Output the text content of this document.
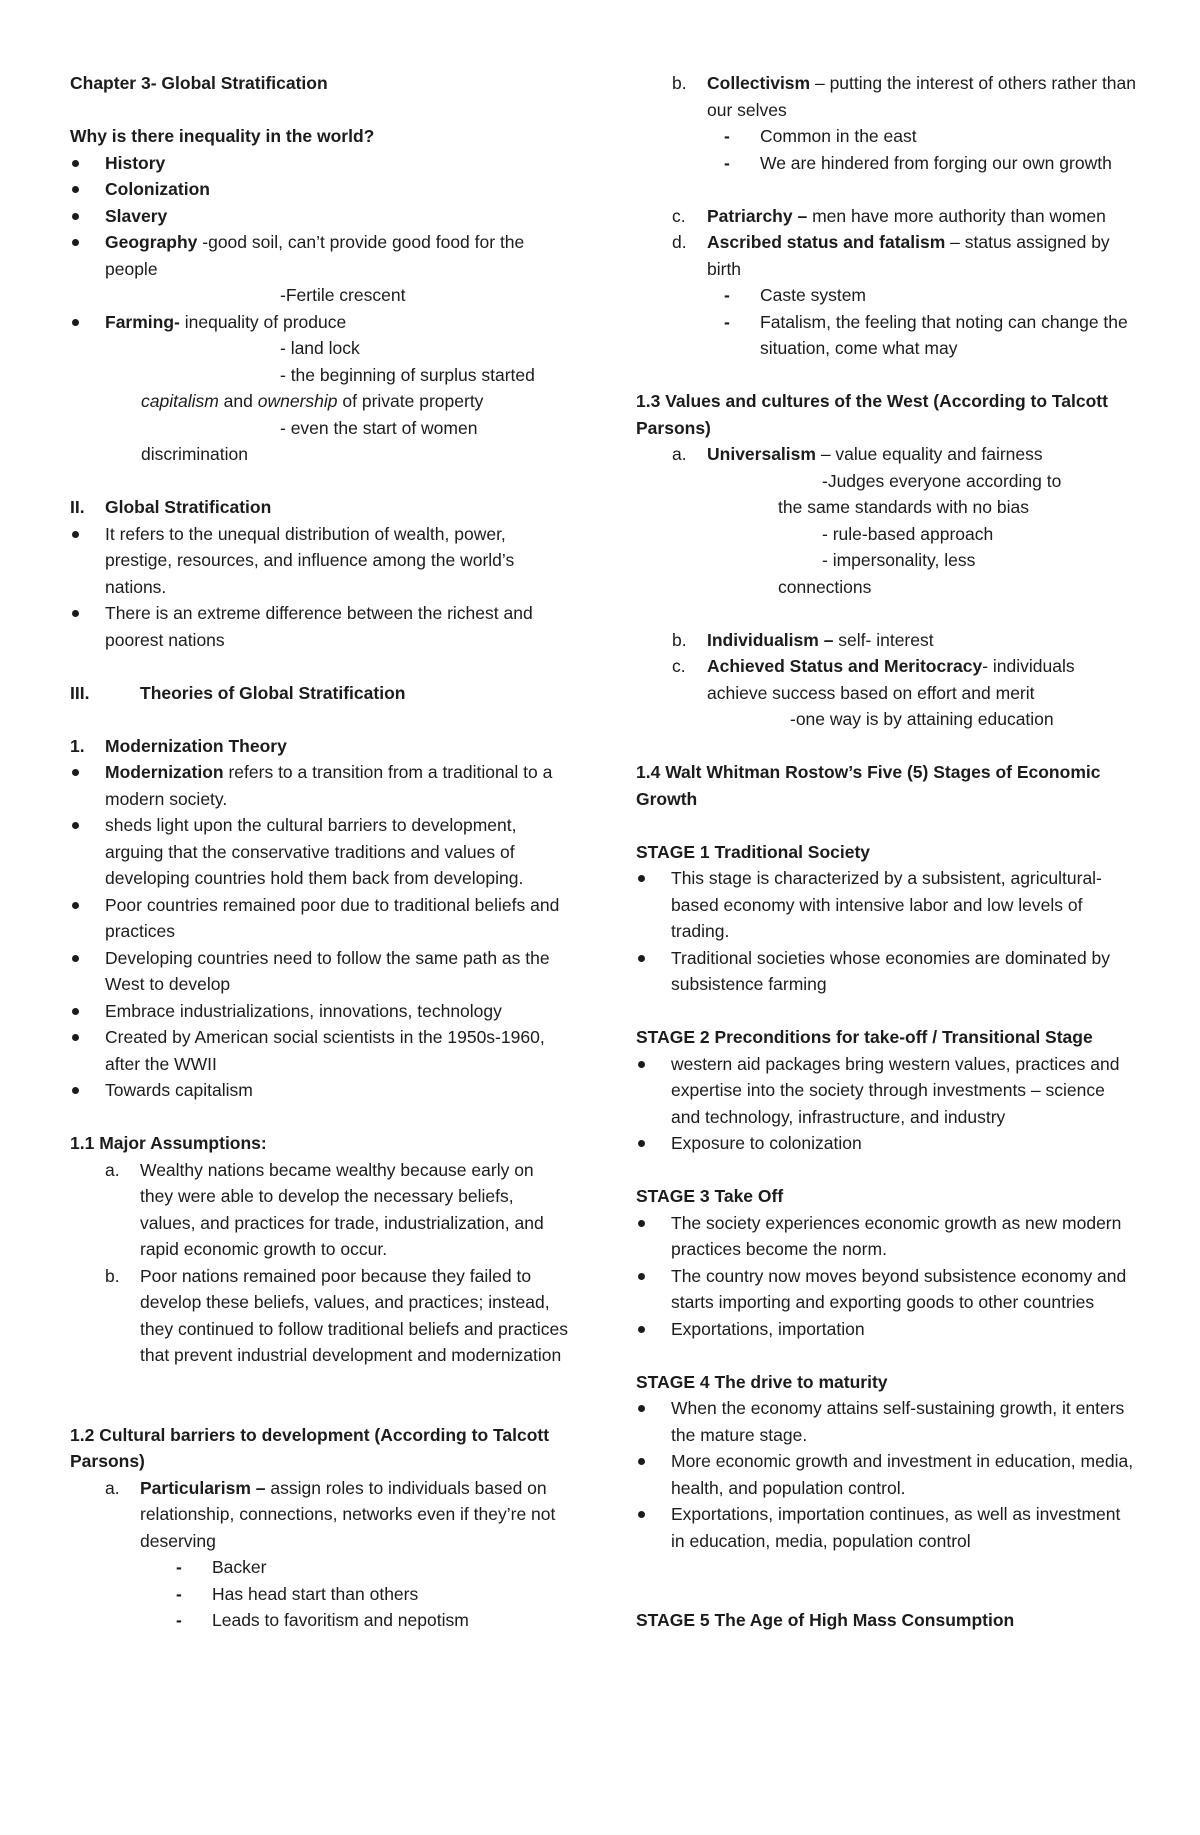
Chapter 3- Global Stratification

Why is there inequality in the world?

History
Colonization
Slavery
Geography -good soil, can’t provide good food for the people

-Fertile crescent

Farming- inequality of produce

- land lock

- the beginning of surplus started

capitalism and ownership of private property

- even the start of women

discrimination

II. Global Stratification

It refers to the unequal distribution of wealth, power, prestige, resources, and influence among the world’s nations.
There is an extreme difference between the richest and poorest nations

III.	Theories of Global Stratification

1. Modernization Theory

Modernization refers to a transition from a traditional to a modern society.
sheds light upon the cultural barriers to development, arguing that the conservative traditions and values of developing countries hold them back from developing.
Poor countries remained poor due to traditional beliefs and practices
Developing countries need to follow the same path as the West to develop
Embrace industrializations, innovations, technology
Created by American social scientists in the 1950s-1960, after the WWII
Towards capitalism

1.1 Major Assumptions:

a. Wealthy nations became wealthy because early on they were able to develop the necessary beliefs, values, and practices for trade, industrialization, and rapid economic growth to occur.
b. Poor nations remained poor because they failed to develop these beliefs, values, and practices; instead, they continued to follow traditional beliefs and practices that prevent industrial development and modernization

1.2 Cultural barriers to development (According to Talcott Parsons)

a. Particularism – assign roles to individuals based on relationship, connections, networks even if they’re not deserving
- Backer
- Has head start than others
- Leads to favoritism and nepotism
b. Collectivism – putting the interest of others rather than our selves
- Common in the east
- We are hindered from forging our own growth
c. Patriarchy – men have more authority than women
d. Ascribed status and fatalism – status assigned by birth
- Caste system
- Fatalism, the feeling that noting can change the situation, come what may

1.3 Values and cultures of the West (According to Talcott Parsons)

a. Universalism – value equality and fairness

-Judges everyone according to

the same standards with no bias

- rule-based approach

- impersonality, less

connections

b. Individualism – self- interest
c. Achieved Status and Meritocracy- individuals achieve success based on effort and merit

-one way is by attaining education

1.4 Walt Whitman Rostow’s Five (5) Stages of Economic Growth

STAGE 1 Traditional Society

This stage is characterized by a subsistent, agricultural-based economy with intensive labor and low levels of trading.
Traditional societies whose economies are dominated by subsistence farming

STAGE 2 Preconditions for take-off / Transitional Stage

western aid packages bring western values, practices and expertise into the society through investments – science and technology, infrastructure, and industry
Exposure to colonization

STAGE 3 Take Off

The society experiences economic growth as new modern practices become the norm.
The country now moves beyond subsistence economy and starts importing and exporting goods to other countries
Exportations, importation

STAGE 4 The drive to maturity

When the economy attains self-sustaining growth, it enters the mature stage.
More economic growth and investment in education, media, health, and population control.
Exportations, importation continues, as well as investment in education, media, population control

STAGE 5 The Age of High Mass Consumption
